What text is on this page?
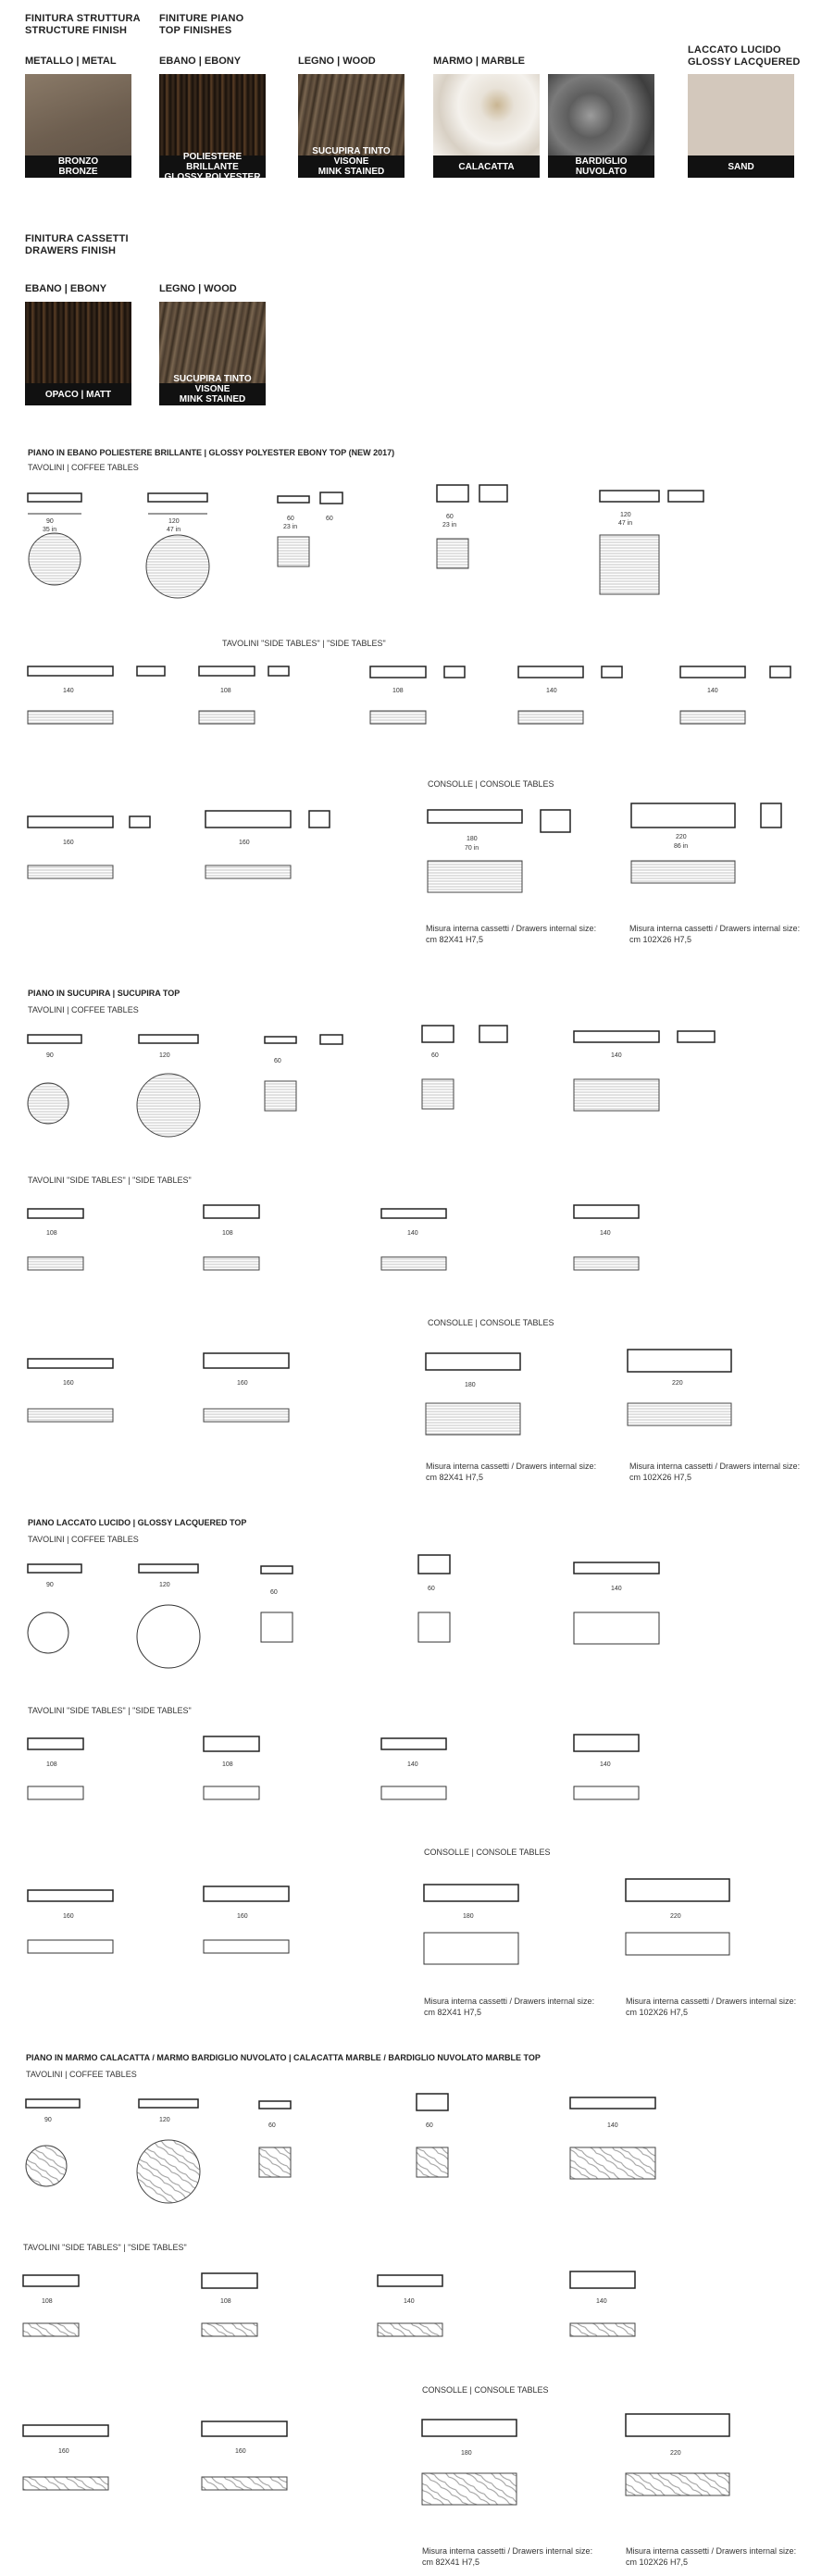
FINITURA STRUTTURA
STRUCTURE FINISH
FINITURE PIANO
TOP FINISHES
METALLO | METAL	EBANO | EBONY	LEGNO | WOOD	MARMO | MARBLE
LACCATO LUCIDO
GLOSSY LACQUERED
BRONZO
BRONZE
POLIESTERE BRILLANTE
GLOSSY POLYESTER
SUCUPIRA TINTO VISONE
MINK STAINED SUCUPIRA
CALACATTA	BARDIGLIO NUVOLATO	SAND
FINITURA CASSETTI
DRAWERS FINISH
EBANO | EBONY	LEGNO | WOOD
OPACO | MATT
SUCUPIRA TINTO VISONE
MINK STAINED SUCUPIRA
PIANO IN EBANO POLIESTERE BRILLANTE | GLOSSY POLYESTER EBONY TOP (NEW 2017)
TAVOLINI | COFFEE TABLES
TAVOLINI "SIDE TABLES" | "SIDE TABLES"
CONSOLLE | CONSOLE TABLES
Misura interna cassetti / Drawers internal size:
cm 82X41 H7,5
Misura interna cassetti / Drawers internal size:
cm 102X26 H7,5
PIANO IN SUCUPIRA | SUCUPIRA TOP
TAVOLINI | COFFEE TABLES
TAVOLINI "SIDE TABLES" | "SIDE TABLES"
CONSOLLE | CONSOLE TABLES
Misura interna cassetti / Drawers internal size:
cm 82X41 H7,5
Misura interna cassetti / Drawers internal size:
cm 102X26 H7,5
PIANO LACCATO LUCIDO | GLOSSY LACQUERED TOP
TAVOLINI | COFFEE TABLES
TAVOLINI "SIDE TABLES" | "SIDE TABLES"
CONSOLLE | CONSOLE TABLES
Misura interna cassetti / Drawers internal size:
cm 82X41 H7,5
Misura interna cassetti / Drawers internal size:
cm 102X26 H7,5
PIANO IN MARMO CALACATTA / MARMO BARDIGLIO NUVOLATO | CALACATTA MARBLE / BARDIGLIO NUVOLATO MARBLE TOP
TAVOLINI | COFFEE TABLES
TAVOLINI "SIDE TABLES" | "SIDE TABLES"
CONSOLLE | CONSOLE TABLES
Misura interna cassetti / Drawers internal size:
cm 82X41 H7,5
Misura interna cassetti / Drawers internal size:
cm 102X26 H7,5
90
35 in
120
47 in
60	60
23 in
60
23 in
120
47 in
140	108	108	140	140
160	160
180
70 in
220
86 in
90	120
60
60	140
108	108	140	140
160	160	180	220
90	120
60
60	140
108	108	140	140
160	160	180	220
90	120
60	60	140
108	108	140	140
160	160	180	220
